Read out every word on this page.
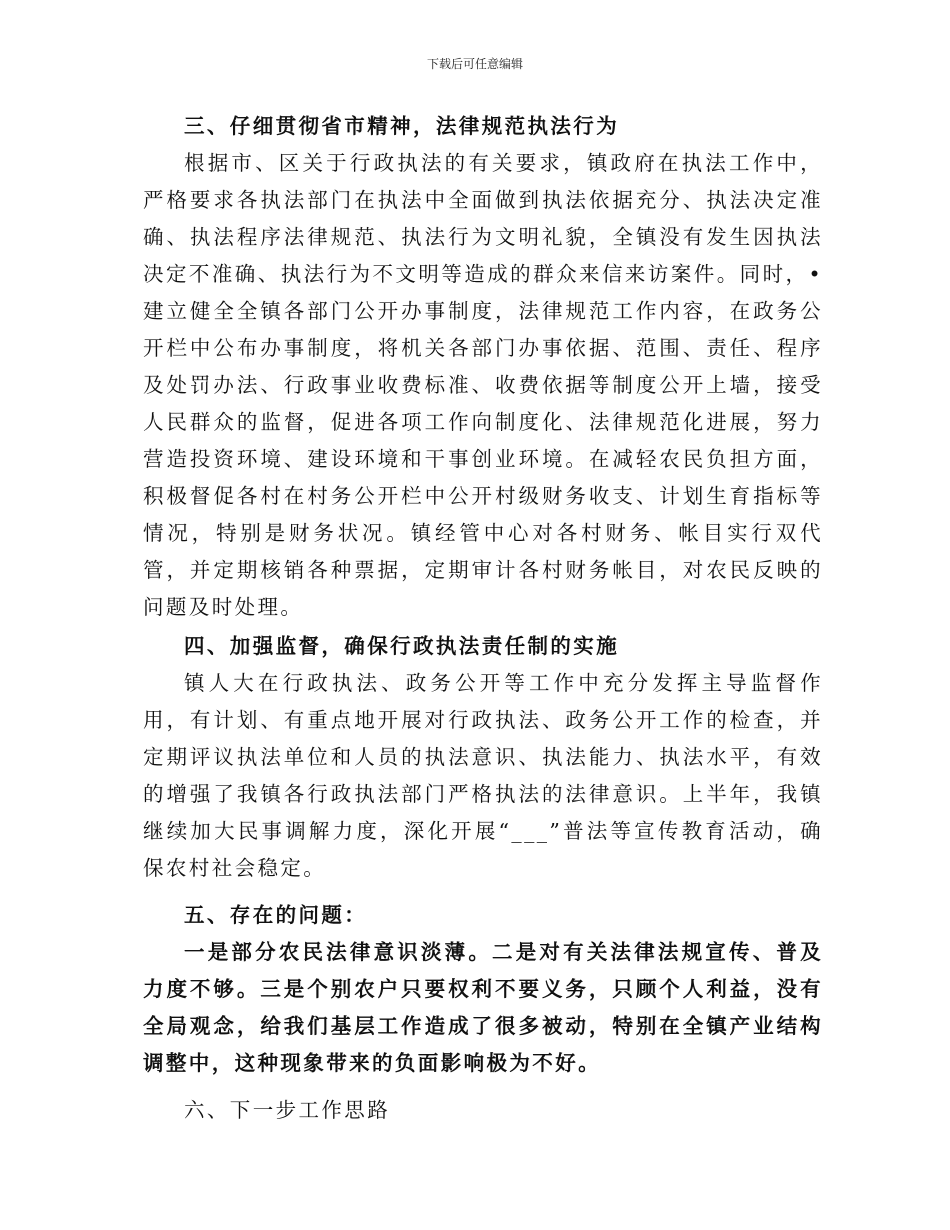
下载后可任意编辑

三、仔细贯彻省市精神，法律规范执法行为

根据市、区关于行政执法的有关要求，镇政府在执法工作中，严格要求各执法部门在执法中全面做到执法依据充分、执法决定准确、执法程序法律规范、执法行为文明礼貌，全镇没有发生因执法决定不准确、执法行为不文明等造成的群众来信来访案件。同时，•建立健全全镇各部门公开办事制度，法律规范工作内容，在政务公开栏中公布办事制度，将机关各部门办事依据、范围、责任、程序及处罚办法、行政事业收费标准、收费依据等制度公开上墙，接受人民群众的监督，促进各项工作向制度化、法律规范化进展，努力营造投资环境、建设环境和干事创业环境。在减轻农民负担方面，积极督促各村在村务公开栏中公开村级财务收支、计划生育指标等情况，特别是财务状况。镇经管中心对各村财务、帐目实行双代管，并定期核销各种票据，定期审计各村财务帐目，对农民反映的问题及时处理。

四、加强监督，确保行政执法责任制的实施

镇人大在行政执法、政务公开等工作中充分发挥主导监督作用，有计划、有重点地开展对行政执法、政务公开工作的检查，并定期评议执法单位和人员的执法意识、执法能力、执法水平，有效的增强了我镇各行政执法部门严格执法的法律意识。上半年，我镇继续加大民事调解力度，深化开展“___”普法等宣传教育活动，确保农村社会稳定。

五、存在的问题：

一是部分农民法律意识淡薄。二是对有关法律法规宣传、普及力度不够。三是个别农户只要权利不要义务，只顾个人利益，没有全局观念，给我们基层工作造成了很多被动，特别在全镇产业结构调整中，这种现象带来的负面影响极为不好。

六、下一步工作思路
